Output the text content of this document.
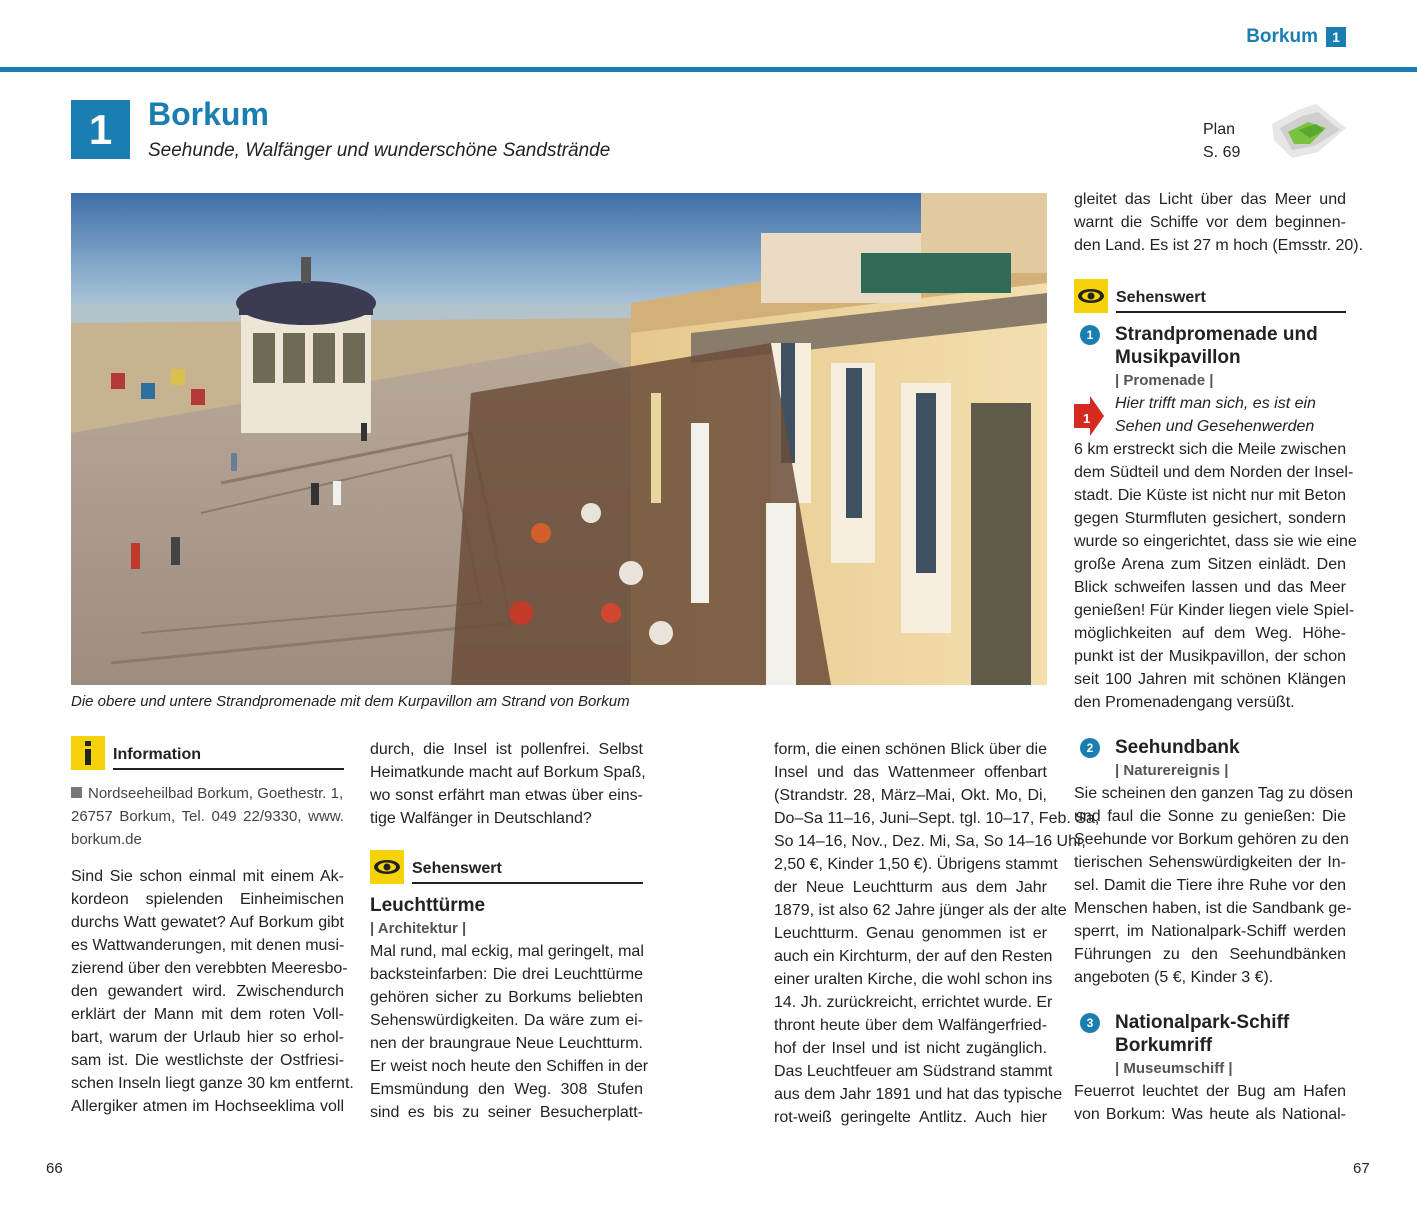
Borkum	1
1	Borkum
Seehunde, Walfänger und wunderschöne Sandstrände
Plan
S. 69
Die obere und untere Strandpromenade mit dem Kurpavillon am Strand von Borkum
Information
Nordseeheilbad Borkum, Goethestr. 1,
26757 Borkum, Tel. 049 22/9330, www.
borkum.de
Sind Sie schon einmal mit einem Ak-
kordeon spielenden Einheimischen
durchs Watt gewatet? Auf Borkum gibt
es Wattwanderungen, mit denen musi-
zierend über den verebbten Meeresbo-
den gewandert wird. Zwischendurch
erklärt der Mann mit dem roten Voll-
bart, warum der Urlaub hier so erhol-
sam ist. Die westlichste der Ostfriesi-
schen Inseln liegt ganze 30 km entfernt.
Allergiker atmen im Hochseeklima voll
durch, die Insel ist pollenfrei. Selbst
Heimatkunde macht auf Borkum Spaß,
wo sonst erfährt man etwas über eins-
tige Walfänger in Deutschland?
Sehenswert
Leuchttürme
| Architektur |
Mal rund, mal eckig, mal geringelt, mal
backsteinfarben: Die drei Leuchttürme
gehören sicher zu Borkums beliebten
Sehenswürdigkeiten. Da wäre zum ei-
nen der braungraue Neue Leuchtturm.
Er weist noch heute den Schiffen in der
Emsmündung den Weg. 308 Stufen
sind es bis zu seiner Besucherplatt-
form, die einen schönen Blick über die
Insel und das Wattenmeer offenbart
(Strandstr. 28, März–Mai, Okt. Mo, Di,
Do–Sa 11–16, Juni–Sept. tgl. 10–17, Feb. Sa,
So 14–16, Nov., Dez. Mi, Sa, So 14–16 Uhr,
2,50 €, Kinder 1,50 €). Übrigens stammt
der Neue Leuchtturm aus dem Jahr
1879, ist also 62 Jahre jünger als der alte
Leuchtturm. Genau genommen ist er
auch ein Kirchturm, der auf den Resten
einer uralten Kirche, die wohl schon ins
14. Jh. zurückreicht, errichtet wurde. Er
thront heute über dem Walfängerfried-
hof der Insel und ist nicht zugänglich.
Das Leuchtfeuer am Südstrand stammt
aus dem Jahr 1891 und hat das typische
rot-weiß geringelte Antlitz. Auch hier
gleitet das Licht über das Meer und
warnt die Schiffe vor dem beginnen-
den Land. Es ist 27 m hoch (Emsstr. 20).
Sehenswert
1	Strandpromenade und
Musikpavillon
| Promenade |
1
Hier trifft man sich, es ist ein
Sehen und Gesehenwerden
6 km erstreckt sich die Meile zwischen
dem Südteil und dem Norden der Insel-
stadt. Die Küste ist nicht nur mit Beton
gegen Sturmfluten gesichert, sondern
wurde so eingerichtet, dass sie wie eine
große Arena zum Sitzen einlädt. Den
Blick schweifen lassen und das Meer
genießen! Für Kinder liegen viele Spiel-
möglichkeiten auf dem Weg. Höhe-
punkt ist der Musikpavillon, der schon
seit 100 Jahren mit schönen Klängen
den Promenadengang versüßt.
2	Seehundbank
| Naturereignis |
Sie scheinen den ganzen Tag zu dösen
und faul die Sonne zu genießen: Die
Seehunde vor Borkum gehören zu den
tierischen Sehenswürdigkeiten der In-
sel. Damit die Tiere ihre Ruhe vor den
Menschen haben, ist die Sandbank ge-
sperrt, im Nationalpark-Schiff werden
Führungen zu den Seehundbänken
angeboten (5 €, Kinder 3 €).
3	Nationalpark-Schiff
Borkumriff
| Museumschiff |
Feuerrot leuchtet der Bug am Hafen
von Borkum: Was heute als National-
66	67
